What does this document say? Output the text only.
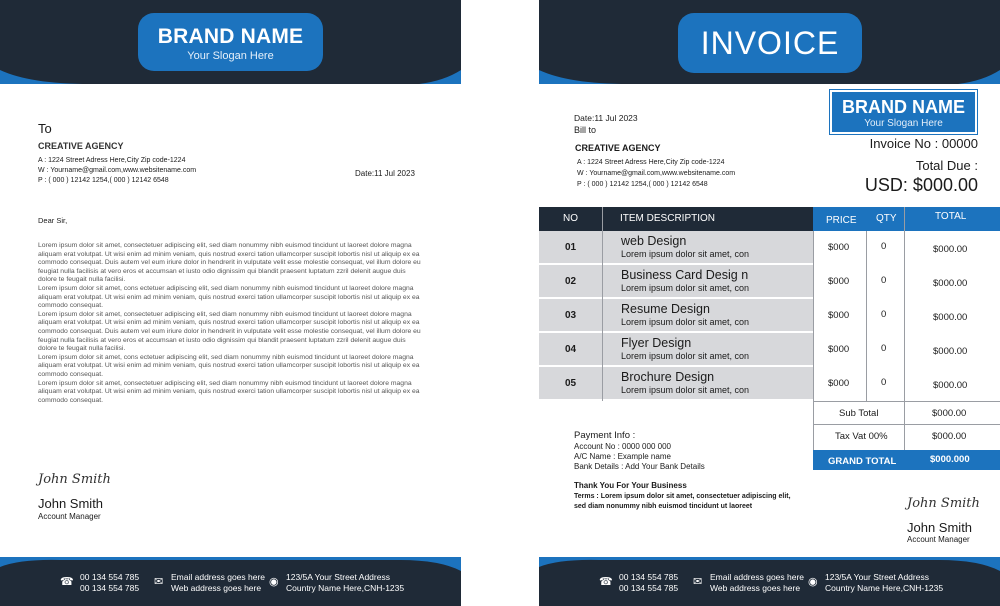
BRAND NAME
Your Slogan Here
To
CREATIVE AGENCY
A : 1224 Street Adress Here,City Zip code-1224
W : Yourname@gmail.com,www.websitename.com
P : ( 000 ) 12142 1254,( 000 ) 12142 6548
Date:11 Jul 2023
Dear Sir,

Lorem ipsum dolor sit amet, consectetuer adipiscing elit, sed diam nonummy nibh euismod tincidunt ut laoreet dolore magna aliquam erat volutpat. Ut wisi enim ad minim veniam, quis nostrud exerci tation ullamcorper suscipit lobortis nisl ut aliquip ex ea commodo consequat. Duis autem vel eum iriure dolor in hendrerit in vulputate velit esse molestie consequat, vel illum dolore eu feugiat nulla facilisis at vero eros et accumsan et iusto odio dignissim qui blandit praesent luptatum zzril delenit augue duis dolore te feugait nulla facilisi.

Lorem ipsum dolor sit amet, cons ectetuer adipiscing elit, sed diam nonummy nibh euismod tincidunt ut laoreet dolore magna aliquam erat volutpat. Ut wisi enim ad minim veniam, quis nostrud exerci tation ullamcorper suscipit lobortis nisl ut aliquip ex ea commodo consequat.

Lorem ipsum dolor sit amet, consectetuer adipiscing elit, sed diam nonummy nibh euismod tincidunt ut laoreet dolore magna aliquam erat volutpat. Ut wisi enim ad minim veniam, quis nostrud exerci tation ullamcorper suscipit lobortis nisl ut aliquip ex ea commodo consequat. Duis autem vel eum iriure dolor in hendrerit in vulputate velit esse molestie consequat, vel illum dolore eu feugiat nulla facilisis at vero eros et accumsan et iusto odio dignissim qui blandit praesent luptatum zzril delenit augue duis dolore te feugait nulla facilisi.

Lorem ipsum dolor sit amet, cons ectetuer adipiscing elit, sed diam nonummy nibh euismod tincidunt ut laoreet dolore magna aliquam erat volutpat. Ut wisi enim ad minim veniam, quis nostrud exerci tation ullamcorper suscipit lobortis nisl ut aliquip ex ea commodo consequat.

Lorem ipsum dolor sit amet, consectetuer adipiscing elit, sed diam nonummy nibh euismod tincidunt ut laoreet dolore magna aliquam erat volutpat. Ut wisi enim ad minim veniam, quis nostrud exerci tation ullamcorper suscipit lobortis nisl ut aliquip ex ea commodo consequat.

John Smith
John Smith
Account Manager
☎ 00 134 554 785
00 134 554 785 ✉ Email address goes here
Web address goes here ◉ 123/5A Your Street Address
Country Name Here,CNH-1235
INVOICE
Date:11 Jul 2023
Bill to
CREATIVE AGENCY
A : 1224 Street Adress Here,City Zip code-1224
W : Yourname@gmail.com,www.websitename.com
P : ( 000 ) 12142 1254,( 000 ) 12142 6548
BRAND NAME
Your Slogan Here
Invoice No : 00000
Total Due :
USD: $000.00
NO	ITEM DESCRIPTION	PRICE QTY	TOTAL
01	web Design
Lorem ipsum dolor sit amet, con
$000	0	$000.00
02	Business Card Desig n
Lorem ipsum dolor sit amet, con
$000	0	$000.00
03	Resume Design
Lorem ipsum dolor sit amet, con
$000	0	$000.00
04	Flyer Design
Lorem ipsum dolor sit amet, con
$000	0	$000.00
05	Brochure Design
Lorem ipsum dolor sit amet, con
$000	0	$000.00
Sub Total	$000.00
Tax Vat 00%	$000.00
GRAND TOTAL	$000.000
Payment Info :
Account No : 0000 000 000
A/C Name : Example name
Bank Details : Add Your Bank Details
Thank You For Your Business
Terms : Lorem ipsum dolor sit amet, consectetuer adipiscing elit,
sed diam nonummy nibh euismod tincidunt ut laoreet	John Smith
John Smith
Account Manager
☎ 00 134 554 785
00 134 554 785 ✉ Email address goes here
Web address goes here ◉ 123/5A Your Street Address
Country Name Here,CNH-1235
